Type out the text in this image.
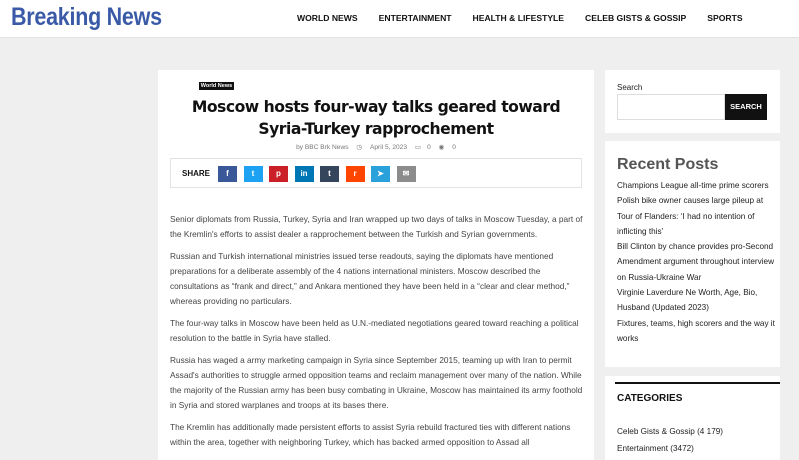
Breaking News	WORLD NEWS ENTERTAINMENT HEALTH & LIFESTYLE CELEB GISTS & GOSSIP SPORTS
World News
Moscow hosts four-way talks geared toward Syria-Turkey rapprochement
by BBC Brk News ◷ April 5, 2023 ▭ 0 ◉ 0
SHARE	f	t	p	in	t	r	➤	✉

Senior diplomats from Russia, Turkey, Syria and Iran wrapped up two days of talks in Moscow Tuesday, a part of the Kremlin's efforts to assist dealer a rapprochement between the Turkish and Syrian governments.

Russian and Turkish international ministries issued terse readouts, saying the diplomats have mentioned preparations for a deliberate assembly of the 4 nations international ministers. Moscow described the consultations as “frank and direct,” and Ankara mentioned they have been held in a “clear and clear method,” whereas providing no particulars.

The four-way talks in Moscow have been held as U.N.-mediated negotiations geared toward reaching a political resolution to the battle in Syria have stalled.

Russia has waged a army marketing campaign in Syria since September 2015, teaming up with Iran to permit Assad's authorities to struggle armed opposition teams and reclaim management over many of the nation. While the majority of the Russian army has been busy combating in Ukraine, Moscow has maintained its army foothold in Syria and stored warplanes and troops at its bases there.

The Kremlin has additionally made persistent efforts to assist Syria rebuild fractured ties with different nations within the area, together with neighboring Turkey, which has backed armed opposition to Assad all

Search
SEARCH
Recent Posts
Champions League all-time prime scorers
Polish bike owner causes large pileup at Tour of Flanders: ‘I had no intention of inflicting this’
Bill Clinton by chance provides pro-Second Amendment argument throughout interview on Russia-Ukraine War
Virginie Laverdure Ne Worth, Age, Bio, Husband (Updated 2023)
Fixtures, teams, high scorers and the way it works
CATEGORIES
Celeb Gists & Gossip (4 179)
Entertainment (3472)
